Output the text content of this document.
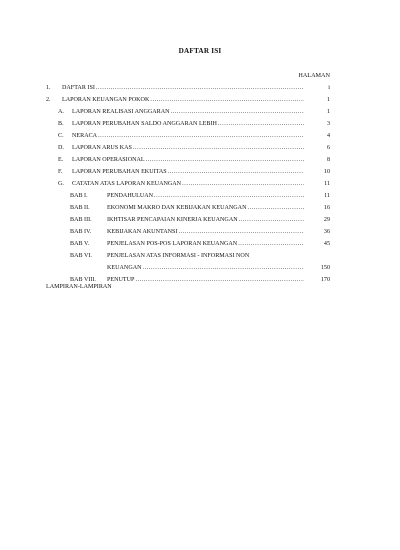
DAFTAR ISI
HALAMAN
1. DAFTAR ISI .....	i
2. LAPORAN KEUANGAN POKOK .....	1
A. LAPORAN REALISASI ANGGARAN .....	1
B. LAPORAN PERUBAHAN SALDO ANGGARAN LEBIH .....	3
C. NERACA .....	4
D. LAPORAN ARUS KAS .....	6
E. LAPORAN OPERASIONAL .....	8
F. LAPORAN PERUBAHAN EKUITAS .....	10
G. CATATAN ATAS LAPORAN KEUANGAN .....	11
BAB I.	PENDAHULUAN .....	11
BAB II.	EKONOMI MAKRO DAN KEBIJAKAN KEUANGAN .....	16
BAB III.	IKHTISAR PENCAPAIAN KINERJA KEUANGAN .....	29
BAB IV.	KEBIJAKAN AKUNTANSI .....	36
BAB V.	PENJELASAN POS-POS LAPORAN KEUANGAN .....	45
BAB VI. PENJELASAN ATAS INFORMASI - INFORMASI NON
KEUANGAN .....	150
BAB VIII. PENUTUP .....	170
LAMPIRAN-LAMPIRAN
